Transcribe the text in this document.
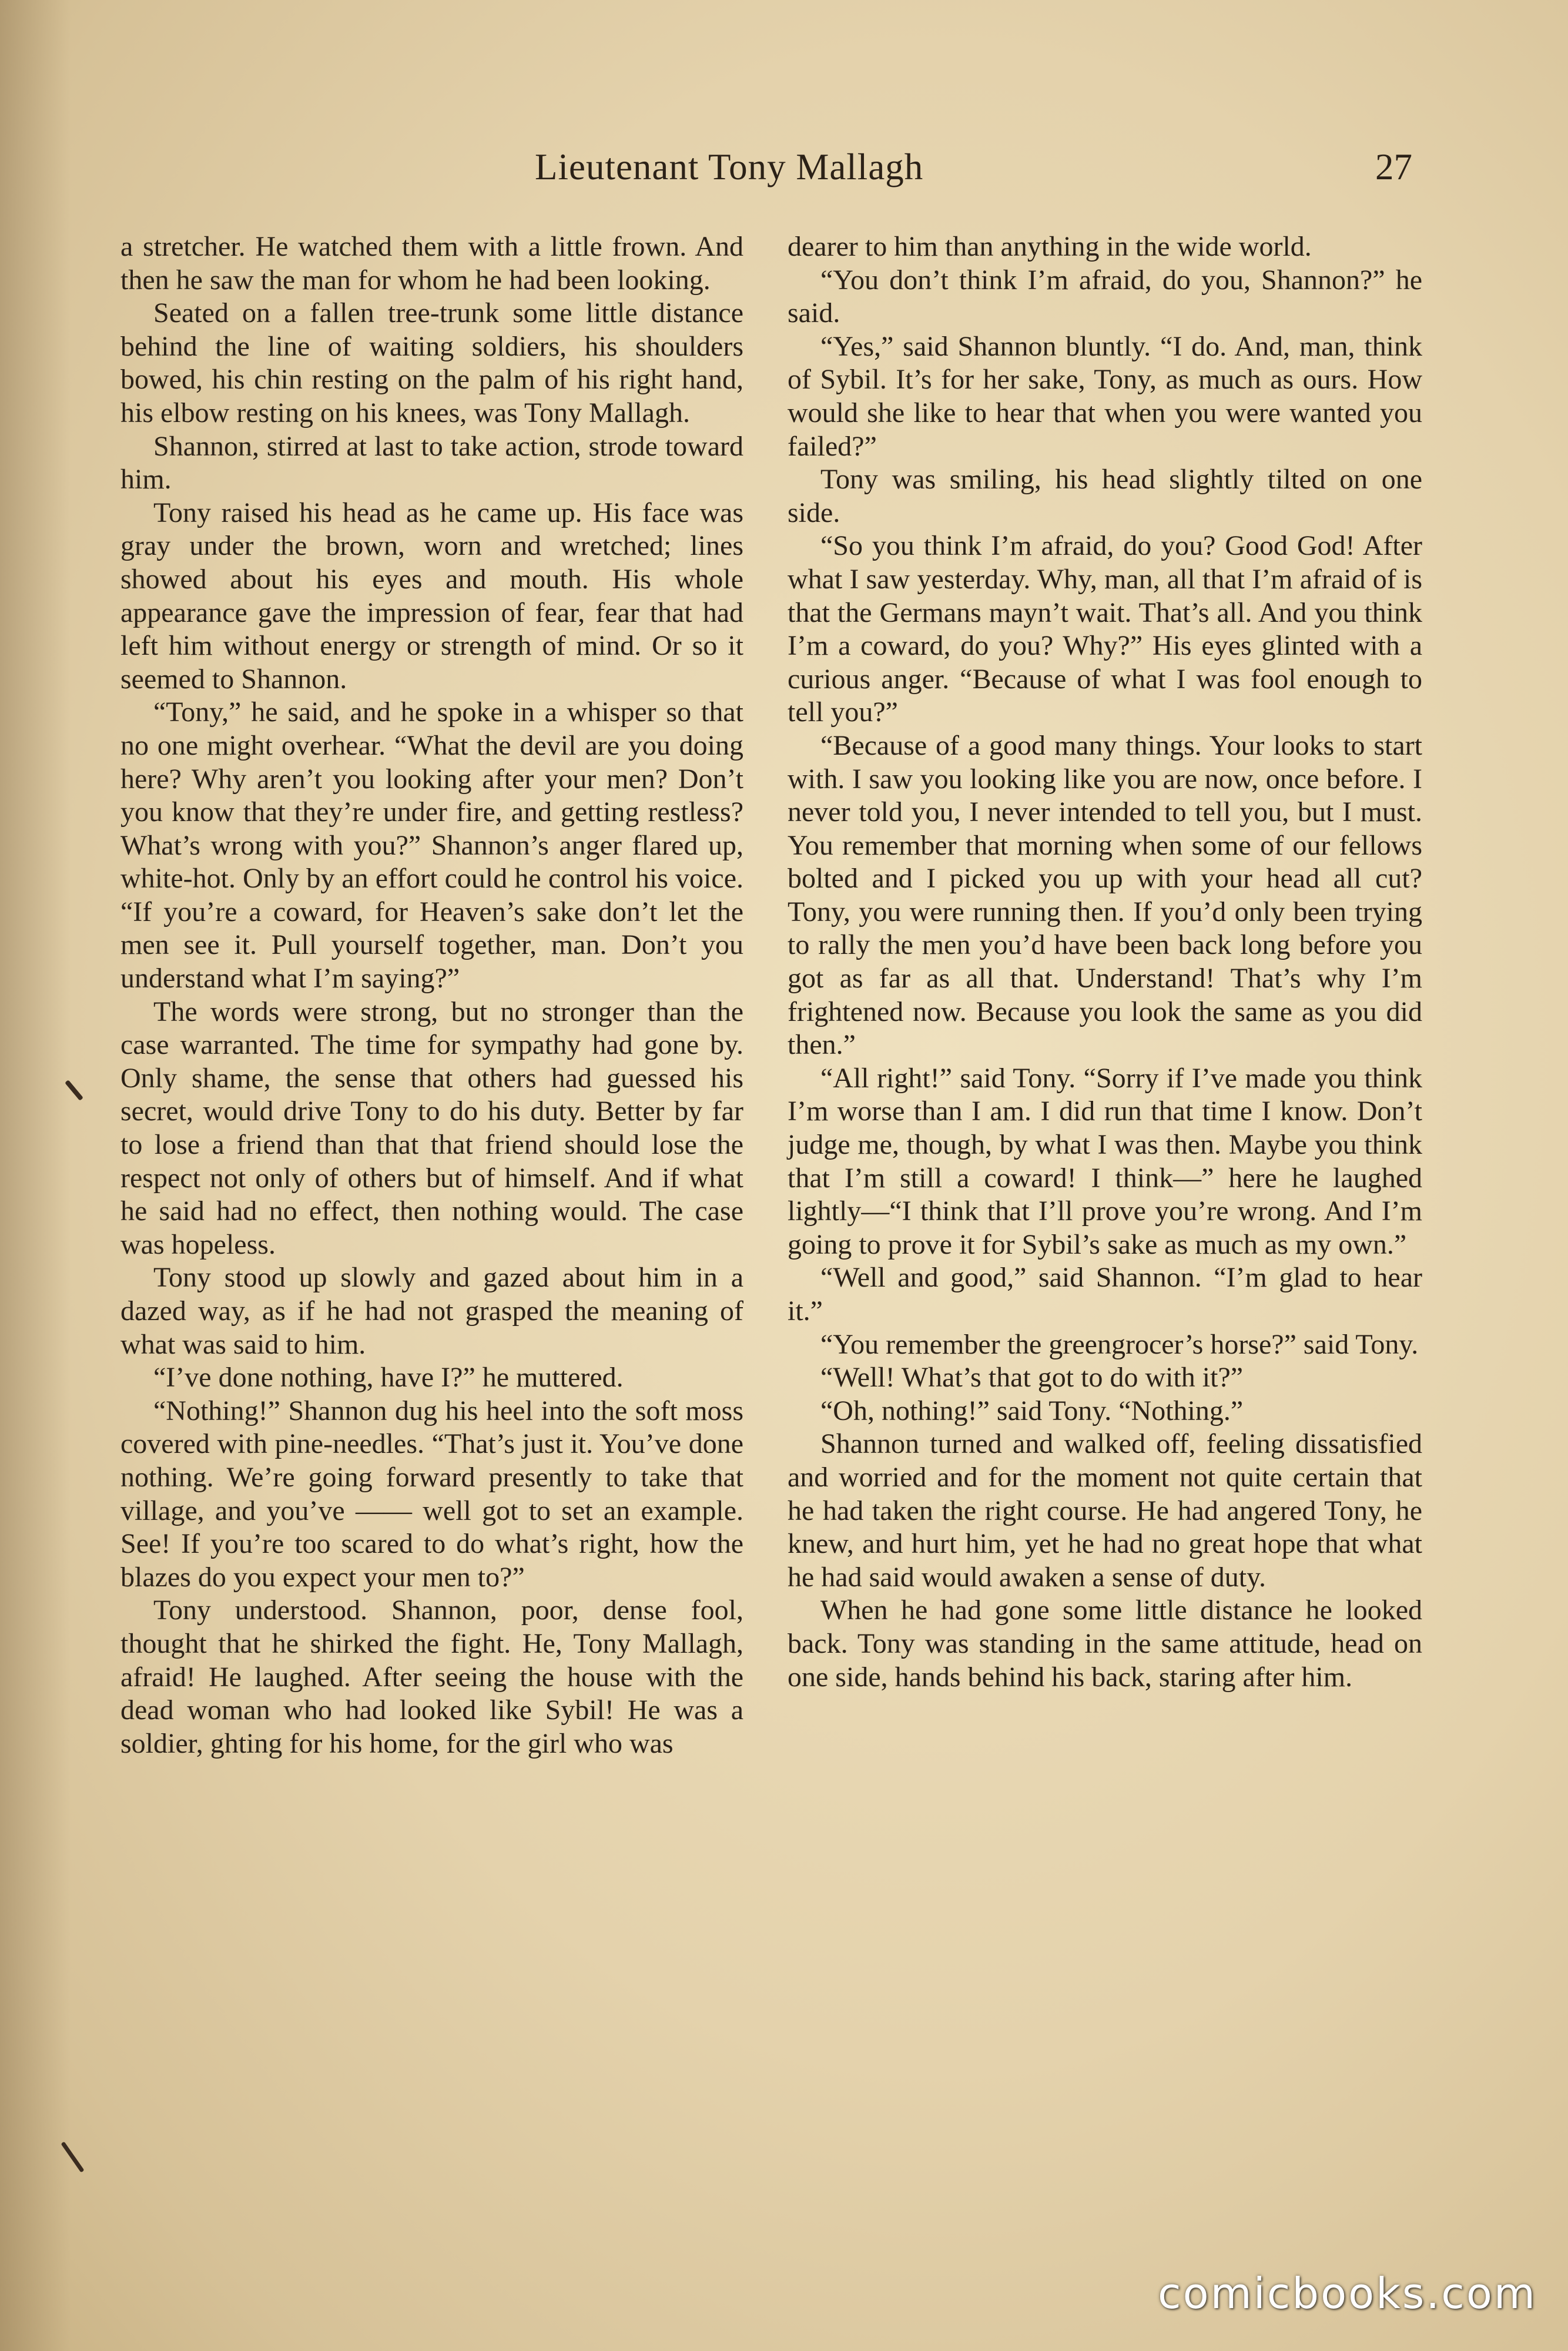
Lieutenant Tony Mallagh	27

a stretcher. He watched them with a little frown. And then he saw the man for whom he had been looking.

Seated on a fallen tree-trunk some little distance behind the line of waiting soldiers, his shoulders bowed, his chin resting on the palm of his right hand, his elbow resting on his knees, was Tony Mallagh.

Shannon, stirred at last to take action, strode toward him.

Tony raised his head as he came up. His face was gray under the brown, worn and wretched; lines showed about his eyes and mouth. His whole appearance gave the impression of fear, fear that had left him without energy or strength of mind. Or so it seemed to Shannon.

“Tony,” he said, and he spoke in a whisper so that no one might overhear. “What the devil are you doing here? Why aren’t you looking after your men? Don’t you know that they’re under fire, and getting restless? What’s wrong with you?” Shannon’s anger flared up, white-hot. Only by an effort could he control his voice. “If you’re a coward, for Heaven’s sake don’t let the men see it. Pull yourself together, man. Don’t you understand what I’m saying?”

The words were strong, but no stronger than the case warranted. The time for sympathy had gone by. Only shame, the sense that others had guessed his secret, would drive Tony to do his duty. Better by far to lose a friend than that that friend should lose the respect not only of others but of himself. And if what he said had no effect, then nothing would. The case was hopeless.

Tony stood up slowly and gazed about him in a dazed way, as if he had not grasped the meaning of what was said to him.

“I’ve done nothing, have I?” he muttered.

“Nothing!” Shannon dug his heel into the soft moss covered with pine-needles. “That’s just it. You’ve done nothing. We’re going forward presently to take that village, and you’ve —— well got to set an example. See! If you’re too scared to do what’s right, how the blazes do you expect your men to?”

Tony understood. Shannon, poor, dense fool, thought that he shirked the fight. He, Tony Mallagh, afraid! He laughed. After seeing the house with the dead woman who had looked like Sybil! He was a soldier, ghting for his home, for the girl who was

dearer to him than anything in the wide world.

“You don’t think I’m afraid, do you, Shannon?” he said.

“Yes,” said Shannon bluntly. “I do. And, man, think of Sybil. It’s for her sake, Tony, as much as ours. How would she like to hear that when you were wanted you failed?”

Tony was smiling, his head slightly tilted on one side.

“So you think I’m afraid, do you? Good God! After what I saw yesterday. Why, man, all that I’m afraid of is that the Germans mayn’t wait. That’s all. And you think I’m a coward, do you? Why?” His eyes glinted with a curious anger. “Because of what I was fool enough to tell you?”

“Because of a good many things. Your looks to start with. I saw you looking like you are now, once before. I never told you, I never intended to tell you, but I must. You remember that morning when some of our fellows bolted and I picked you up with your head all cut? Tony, you were running then. If you’d only been trying to rally the men you’d have been back long before you got as far as all that. Understand! That’s why I’m frightened now. Because you look the same as you did then.”

“All right!” said Tony. “Sorry if I’ve made you think I’m worse than I am. I did run that time I know. Don’t judge me, though, by what I was then. Maybe you think that I’m still a coward! I think—” here he laughed lightly—“I think that I’ll prove you’re wrong. And I’m going to prove it for Sybil’s sake as much as my own.”

“Well and good,” said Shannon. “I’m glad to hear it.”

“You remember the greengrocer’s horse?” said Tony.

“Well! What’s that got to do with it?”

“Oh, nothing!” said Tony. “Nothing.”

Shannon turned and walked off, feeling dissatisfied and worried and for the moment not quite certain that he had taken the right course. He had angered Tony, he knew, and hurt him, yet he had no great hope that what he had said would awaken a sense of duty.

When he had gone some little distance he looked back. Tony was standing in the same attitude, head on one side, hands behind his back, staring after him.

comicbooks.com
